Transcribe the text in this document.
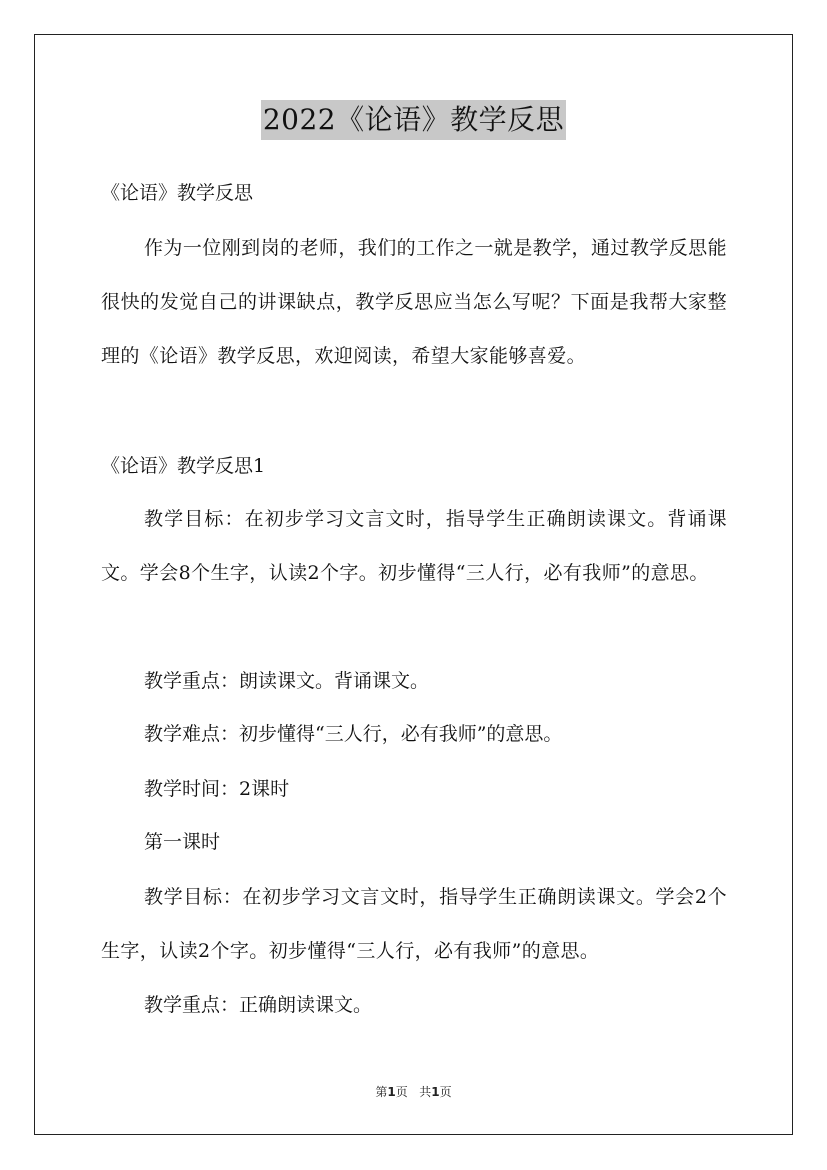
2022《论语》教学反思
《论语》教学反思
作为一位刚到岗的老师，我们的工作之一就是教学，通过教学反思能很快的发觉自己的讲课缺点，教学反思应当怎么写呢？下面是我帮大家整理的《论语》教学反思，欢迎阅读，希望大家能够喜爱。
《论语》教学反思1
教学目标：在初步学习文言文时，指导学生正确朗读课文。背诵课文。学会8个生字，认读2个字。初步懂得“三人行，必有我师”的意思。
教学重点：朗读课文。背诵课文。
教学难点：初步懂得“三人行，必有我师”的意思。
教学时间：2课时
第一课时
教学目标：在初步学习文言文时，指导学生正确朗读课文。学会2个生字，认读2个字。初步懂得“三人行，必有我师”的意思。
教学重点：正确朗读课文。
第1页 共1页
